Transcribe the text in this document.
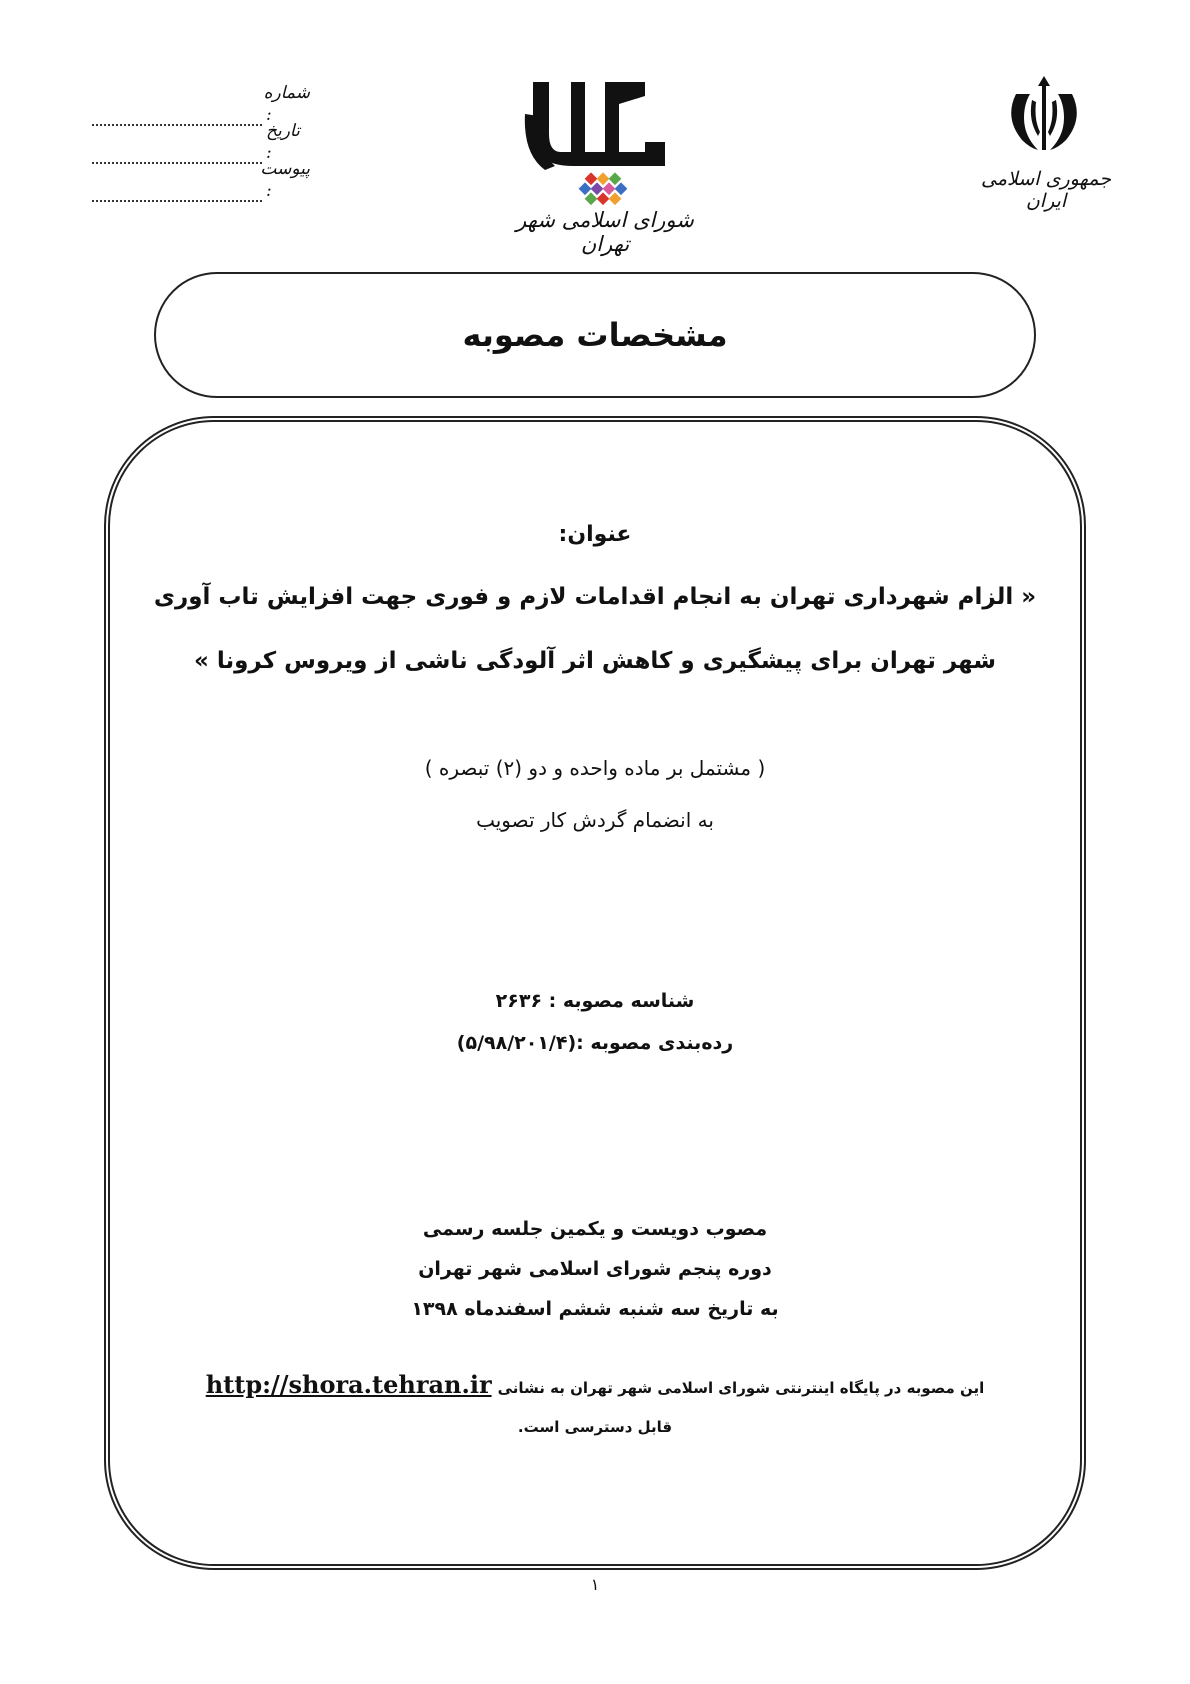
شماره :
تاریخ :
پیوست :
شورای اسلامی شهر تهران
جمهوری اسلامی ایران
مشخصات مصوبه
عنوان:
« الزام شهرداری تهران به انجام اقدامات لازم و فوری جهت افزایش تاب آوری
شهر تهران برای پیشگیری و کاهش اثر آلودگی ناشی از ویروس کرونا »
( مشتمل بر ماده واحده و دو (۲) تبصره )
به انضمام گردش کار تصویب
شناسه مصوبه : ۲۶۳۶
رده‌بندی مصوبه :(۵/۹۸/۲۰۱/۴)
مصوب دویست و یکمین جلسه رسمی
دوره پنجم شورای اسلامی شهر تهران
به تاریخ سه شنبه ششم اسفندماه ۱۳۹۸
این مصوبه در پایگاه اینترنتی شورای اسلامی شهر تهران به نشانی
http://shora.tehran.ir
قابل دسترسی است.
۱
